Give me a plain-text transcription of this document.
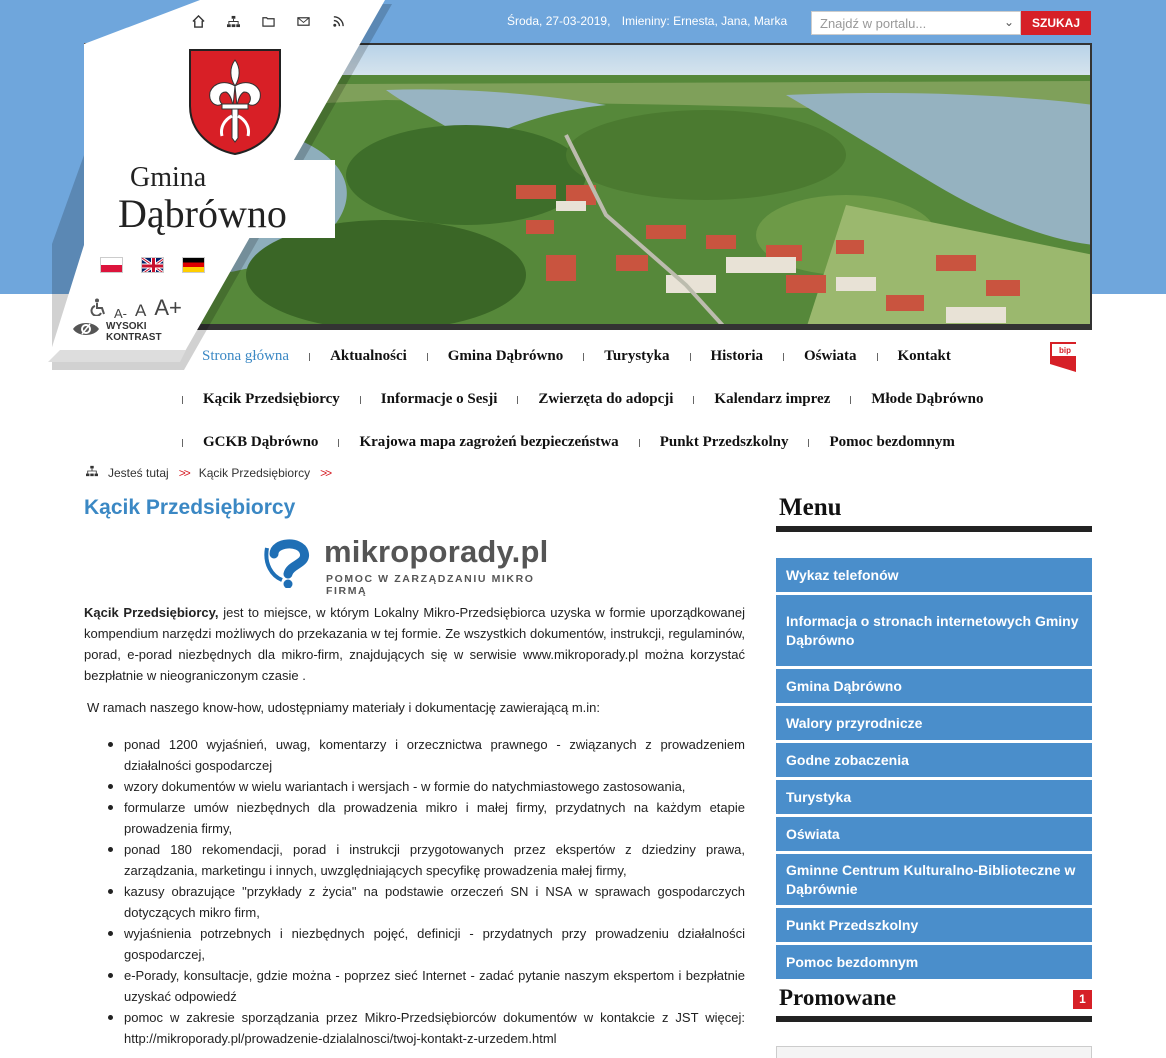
Gmina
Dąbrówno
A- A A+
WYSOKI
KONTRAST
Środa, 27-03-2019, Imieniny: Ernesta, Jana, Marka	Znajdź w portalu...	⌄	SZUKAJ
Strona główna	Aktualności	Gmina Dąbrówno	Turystyka	Historia	Oświata	Kontakt	bip
Kącik Przedsiębiorcy	Informacje o Sesji	Zwierzęta do adopcji	Kalendarz imprez	Młode Dąbrówno
GCKB Dąbrówno	Krajowa mapa zagrożeń bezpieczeństwa	Punkt Przedszkolny	Pomoc bezdomnym
Jesteś tutaj >> Kącik Przedsiębiorcy >>
Kącik Przedsiębiorcy
mikroporady.pl
POMOC W ZARZĄDZANIU MIKRO FIRMĄ

Kącik Przedsiębiorcy, jest to miejsce, w którym Lokalny Mikro-Przedsiębiorca uzyska w formie uporządkowanej kompendium narzędzi możliwych do przekazania w tej formie. Ze wszystkich dokumentów, instrukcji, regulaminów, porad, e-porad niezbędnych dla mikro-firm, znajdujących się w serwisie www.mikroporady.pl można korzystać bezpłatnie w nieograniczonym czasie .

W ramach naszego know-how, udostępniamy materiały i dokumentację zawierającą m.in:

ponad 1200 wyjaśnień, uwag, komentarzy i orzecznictwa prawnego - związanych z prowadzeniem działalności gospodarczej
wzory dokumentów w wielu wariantach i wersjach - w formie do natychmiastowego zastosowania,
formularze umów niezbędnych dla prowadzenia mikro i małej firmy, przydatnych na każdym etapie prowadzenia firmy,
ponad 180 rekomendacji, porad i instrukcji przygotowanych przez ekspertów z dziedziny prawa, zarządzania, marketingu i innych, uwzględniających specyfikę prowadzenia małej firmy,
kazusy obrazujące "przykłady z życia" na podstawie orzeczeń SN i NSA w sprawach gospodarczych dotyczących mikro firm,
wyjaśnienia potrzebnych i niezbędnych pojęć, definicji - przydatnych przy prowadzeniu działalności gospodarczej,
e-Porady, konsultacje, gdzie można - poprzez sieć Internet - zadać pytanie naszym ekspertom i bezpłatnie uzyskać odpowiedź
pomoc w zakresie sporządzania przez Mikro-Przedsiębiorców dokumentów w kontakcie z JST więcej: http://mikroporady.pl/prowadzenie-dzialalnosci/twoj-kontakt-z-urzedem.html
Menu
Wykaz telefonów
Informacja o stronach internetowych Gminy Dąbrówno
Gmina Dąbrówno
Walory przyrodnicze
Godne zobaczenia
Turystyka
Oświata
Gminne Centrum Kulturalno-Biblioteczne w Dąbrównie
Punkt Przedszkolny
Pomoc bezdomnym
Promowane	1
